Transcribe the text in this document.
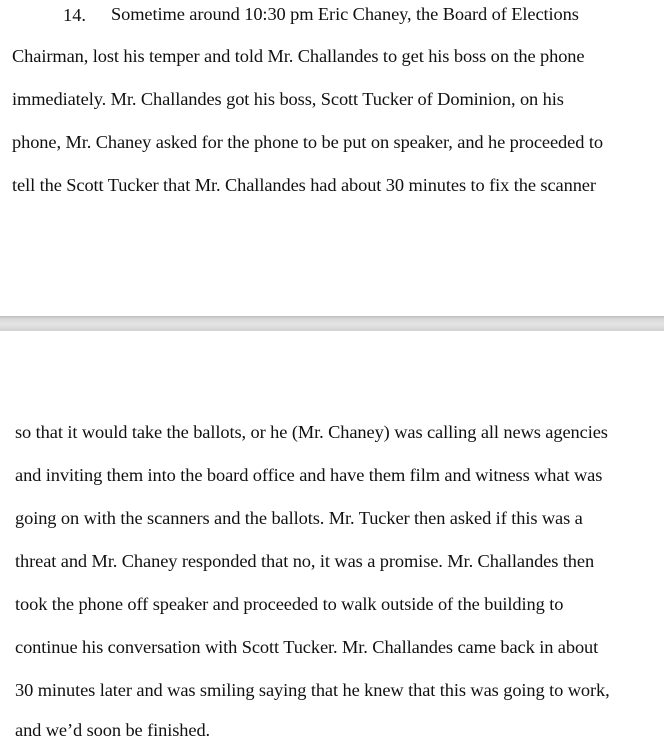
14. Sometime around 10:30 pm Eric Chaney, the Board of Elections
Chairman, lost his temper and told Mr. Challandes to get his boss on the phone
immediately. Mr. Challandes got his boss, Scott Tucker of Dominion, on his
phone, Mr. Chaney asked for the phone to be put on speaker, and he proceeded to
tell the Scott Tucker that Mr. Challandes had about 30 minutes to fix the scanner
so that it would take the ballots, or he (Mr. Chaney) was calling all news agencies
and inviting them into the board office and have them film and witness what was
going on with the scanners and the ballots. Mr. Tucker then asked if this was a
threat and Mr. Chaney responded that no, it was a promise. Mr. Challandes then
took the phone off speaker and proceeded to walk outside of the building to
continue his conversation with Scott Tucker. Mr. Challandes came back in about
30 minutes later and was smiling saying that he knew that this was going to work,
and we’d soon be finished.
